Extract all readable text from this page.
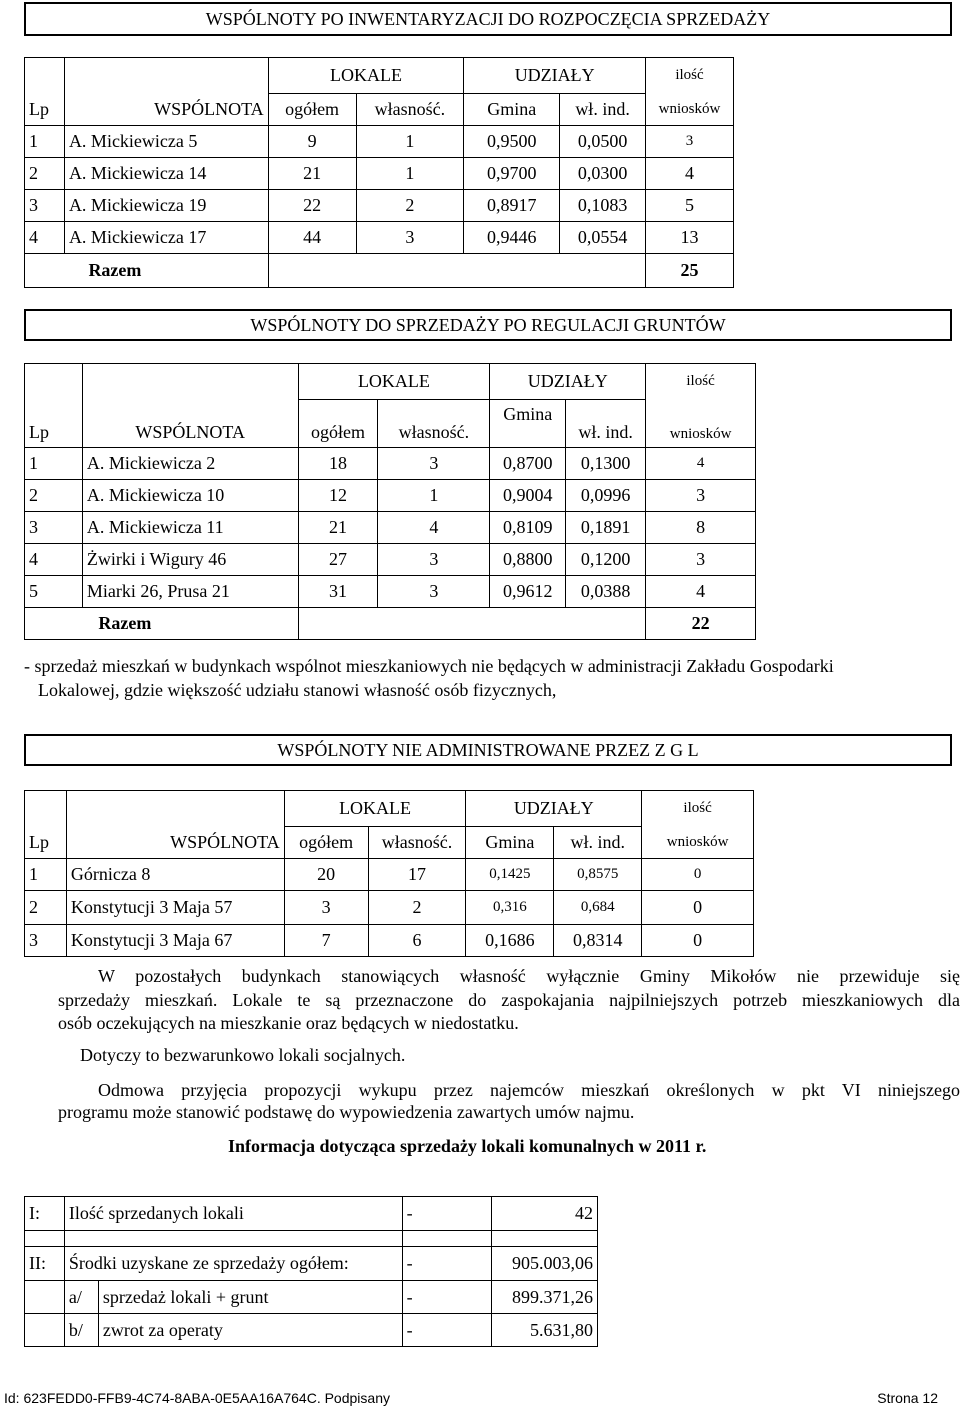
WSPÓLNOTY PO INWENTARYZACJI DO ROZPOCZĘCIA SPRZEDAŻY
		LOKALE		UDZIAŁY		ilość
Lp	WSPÓLNOTA	ogółem	własność.	Gmina	wł. ind.	wniosków
1	A. Mickiewicza 5	9	1	0,9500	0,0500	3
2	A. Mickiewicza 14	21	1	0,9700	0,0300	4
3	A. Mickiewicza 19	22	2	0,8917	0,1083	5
4	A. Mickiewicza 17	44	3	0,9446	0,0554	13
	Razem					25
WSPÓLNOTY DO SPRZEDAŻY PO REGULACJI GRUNTÓW
		LOKALE		UDZIAŁY		ilość
Lp	WSPÓLNOTA	ogółem	własność.	Gmina	wł. ind.	wniosków
1	A. Mickiewicza 2	18	3	0,8700	0,1300	4
2	A. Mickiewicza 10	12	1	0,9004	0,0996	3
3	A. Mickiewicza 11	21	4	0,8109	0,1891	8
4	Żwirki i Wigury 46	27	3	0,8800	0,1200	3
5	Miarki 26, Prusa 21	31	3	0,9612	0,0388	4
	Razem					22
- sprzedaż mieszkań w budynkach wspólnot mieszkaniowych nie będących w administracji Zakładu Gospodarki
Lokalowej, gdzie większość udziału stanowi własność osób fizycznych,
WSPÓLNOTY NIE ADMINISTROWANE PRZEZ Z G L
		LOKALE		UDZIAŁY		ilość
Lp	WSPÓLNOTA	ogółem	własność.	Gmina	wł. ind.	wniosków
1	Górnicza 8	20	17	0,1425	0,8575	0
2	Konstytucji 3 Maja 57	3	2	0,316	0,684	0
3	Konstytucji 3 Maja 67	7	6	0,1686	0,8314	0
W pozostałych budynkach stanowiących własność wyłącznie Gminy Mikołów nie przewiduje się
sprzedaży mieszkań. Lokale te są przeznaczone do zaspokajania najpilniejszych potrzeb mieszkaniowych dla
osób oczekujących na mieszkanie oraz będących w niedostatku.
Dotyczy to bezwarunkowo lokali socjalnych.
Odmowa przyjęcia propozycji wykupu przez najemców mieszkań określonych w pkt VI niniejszego
programu może stanowić podstawę do wypowiedzenia zawartych umów najmu.
Informacja dotycząca sprzedaży lokali komunalnych w 2011 r.
I:	Ilość sprzedanych lokali	-	42

II:	Środki uzyskane ze sprzedaży ogółem:	-	905.003,06
	a/ sprzedaż lokali + grunt	-	899.371,26
	b/ zwrot za operaty	-	5.631,80
Id: 623FEDD0-FFB9-4C74-8ABA-0E5AA16A764C. Podpisany	Strona 12
